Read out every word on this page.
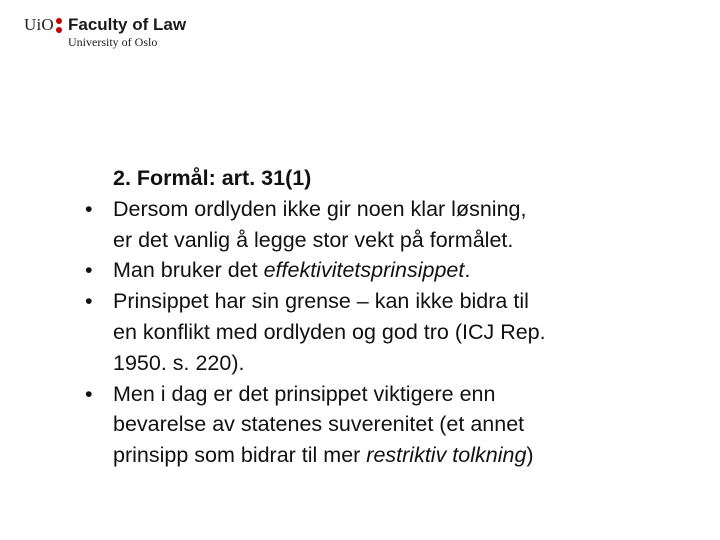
UiO Faculty of Law
University of Oslo
2. Formål: art. 31(1)
• Dersom ordlyden ikke gir noen klar løsning,
er det vanlig å legge stor vekt på formålet.
• Man bruker det effektivitetsprinsippet.
• Prinsippet har sin grense – kan ikke bidra til
en konflikt med ordlyden og god tro (ICJ Rep.
1950. s. 220).
• Men i dag er det prinsippet viktigere enn
bevarelse av statenes suverenitet (et annet
prinsipp som bidrar til mer restriktiv tolkning)
